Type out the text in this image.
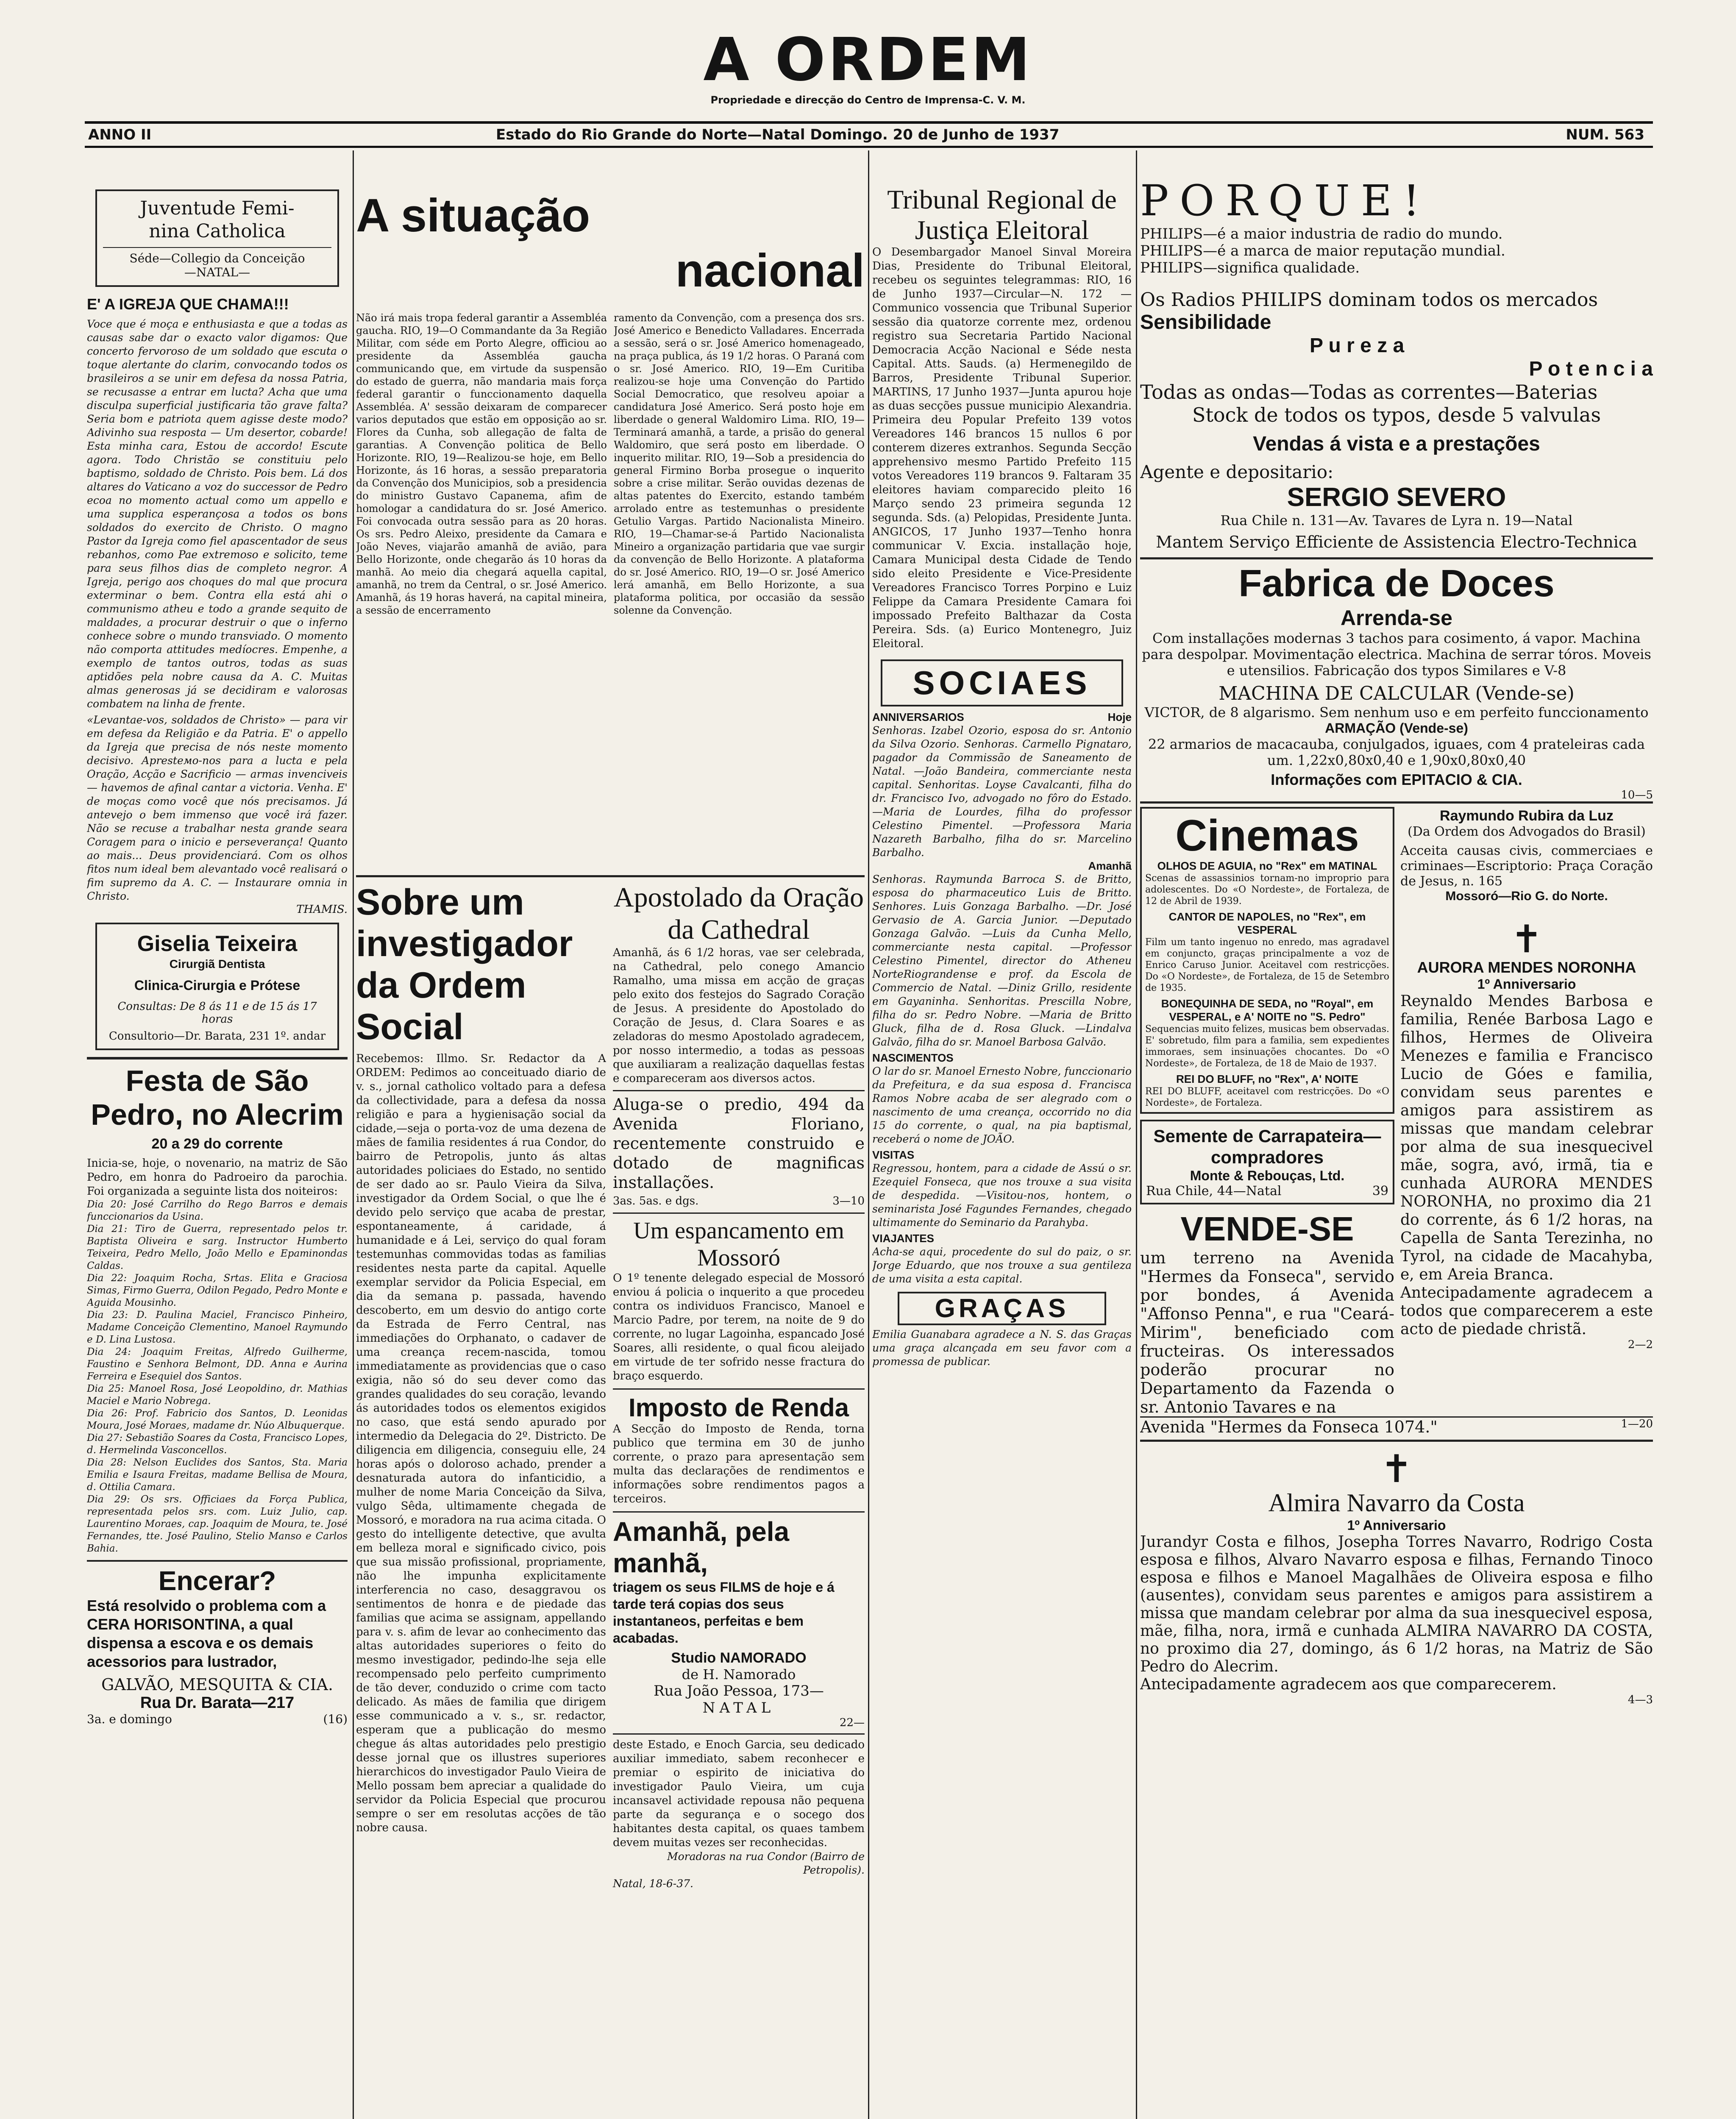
A ORDEM
Propriedade e direcção do Centro de Imprensa-C. V. M.
ANNO II	Estado do Rio Grande do Norte—Natal Domingo. 20 de Junho de 1937	NUM. 563
Juventude Femi-
nina Catholica
Séde—Collegio da Conceição
—NATAL—
E' A IGREJA QUE CHAMA!!!

Voce que é moça e enthusiasta e que a todas as causas sabe dar o exacto valor digamos: Que concerto fervoroso de um soldado que escuta o toque alertante do clarim, convocando todos os brasileiros a se unir em defesa da nossa Patria, se recusasse a entrar em lucta? Acha que uma disculpa superficial justificaria tão grave falta? Seria bom e patriota quem agisse deste modo? Adivinho sua resposta — Um desertor, cobarde! Esta minha cara, Estou de accordo! Escute agora. Todo Christão se constituiu pelo baptismo, soldado de Christo. Pois bem. Lá dos altares do Vaticano a voz do successor de Pedro ecoa no momento actual como um appello e uma supplica esperançosa a todos os bons soldados do exercito de Christo. O magno Pastor da Igreja como fiel apascentador de seus rebanhos, como Pae extremoso e solicito, teme para seus filhos dias de completo negror. A Igreja, perigo aos choques do mal que procura exterminar o bem. Contra ella está ahi o communismo atheu e todo a grande sequito de maldades, a procurar destruir o que o inferno conhece sobre o mundo transviado. O momento não comporta attitudes medíocres. Empenhe, a exemplo de tantos outros, todas as suas aptidões pela nobre causa da A. C. Muitas almas generosas já se decidiram e valorosas combatem na linha de frente.

«Levantae-vos, soldados de Christo» — para vir em defesa da Religião e da Patria. E' o appello da Igreja que precisa de nós neste momento decisivo. Apresteмо-nos para a lucta e pela Oração, Acção e Sacrificio — armas invenciveis — havemos de afinal cantar a victoria. Venha. E' de moças como você que nós precisamos. Já antevejo o bem immenso que você irá fazer. Não se recuse a trabalhar nesta grande seara Coragem para o inicio e perseverança! Quanto ao mais... Deus providenciará. Com os olhos fitos num ideal bem alevantado você realisará o fim supremo da A. C. — Instaurare omnia in Christo.

THAMIS.
Giselia Teixeira
Cirurgiã Dentista
Clinica-Cirurgia e Prótese
Consultas: De 8 ás 11 e de 15 ás 17 horas
Consultorio—Dr. Barata, 231 1º. andar
Festa de São Pedro, no Alecrim
20 a 29 do corrente

Inicia-se, hoje, o novenario, na matriz de São Pedro, em honra do Padroeiro da parochia. Foi organizada a seguinte lista dos noiteiros:

Dia 20: José Carrilho do Rego Barros e demais funccionarios da Usina.

Dia 21: Tiro de Guerra, representado pelos tr. Baptista Oliveira e sarg. Instructor Humberto Teixeira, Pedro Mello, João Mello e Epaminondas Caldas.

Dia 22: Joaquim Rocha, Srtas. Elita e Graciosa Simas, Firmo Guerra, Odilon Pegado, Pedro Monte e Aguida Mousinho.

Dia 23: D. Paulina Maciel, Francisco Pinheiro, Madame Conceição Clementino, Manoel Raymundo e D. Lina Lustosa.

Dia 24: Joaquim Freitas, Alfredo Guilherme, Faustino e Senhora Belmont, DD. Anna e Aurina Ferreira e Esequiel dos Santos.

Dia 25: Manoel Rosa, José Leopoldino, dr. Mathias Maciel e Mario Nobrega.

Dia 26: Prof. Fabricio dos Santos, D. Leonidas Moura, José Moraes, madame dr. Núo Albuquerque.

Dia 27: Sebastião Soares da Costa, Francisco Lopes, d. Hermelinda Vasconcellos.

Dia 28: Nelson Euclides dos Santos, Sta. Maria Emilia e Isaura Freitas, madame Bellisa de Moura, d. Ottilia Camara.

Dia 29: Os srs. Officiaes da Força Publica, representada pelos srs. com. Luiz Julio, cap. Laurentino Moraes, cap. Joaquim de Moura, te. José Fernandes, tte. José Paulino, Stelio Manso e Carlos Bahia.

Encerar?

Está resolvido o problema com a CERA HORISONTINA, a qual dispensa a escova e os demais acessorios para lustrador,

GALVÃO, MESQUITA & CIA.
Rua Dr. Barata—217
3a. e domingo	(16)
A situação
nacional

Não irá mais tropa federal garantir a Assembléa gaucha. RIO, 19—O Commandante da 3a Região Militar, com séde em Porto Alegre, officiou ao presidente da Assembléa gaucha communicando que, em virtude da suspensão do estado de guerra, não mandaria mais força federal garantir o funccionamento daquella Assembléa. A' sessão deixaram de comparecer varios deputados que estão em opposição ao sr. Flores da Cunha, sob allegação de falta de garantias. A Convenção politica de Bello Horizonte. RIO, 19—Realizou-se hoje, em Bello Horizonte, ás 16 horas, a sessão preparatoria da Convenção dos Municipios, sob a presidencia do ministro Gustavo Capanema, afim de homologar a candidatura do sr. José Americo. Foi convocada outra sessão para as 20 horas. Os srs. Pedro Aleixo, presidente da Camara e João Neves, viajarão amanhã de avião, para Bello Horizonte, onde chegarão ás 10 horas da manhã. Ao meio dia chegará aquella capital, amanhã, no trem da Central, o sr. José Americo. Amanhã, ás 19 horas haverá, na capital mineira, a sessão de encerramento

ramento da Convenção, com a presença dos srs. José Americo e Benedicto Valladares. Encerrada a sessão, será o sr. José Americo homenageado, na praça publica, ás 19 1/2 horas. O Paraná com o sr. José Americo. RIO, 19—Em Curitiba realizou-se hoje uma Convenção do Partido Social Democratico, que resolveu apoiar a candidatura José Americo. Será posto hoje em liberdade o general Waldomiro Lima. RIO, 19—Terminará amanhã, a tarde, a prisão do general Waldomiro, que será posto em liberdade. O inquerito militar. RIO, 19—Sob a presidencia do general Firmino Borba prosegue o inquerito sobre a crise militar. Serão ouvidas dezenas de altas patentes do Exercito, estando também arrolado entre as testemunhas o presidente Getulio Vargas. Partido Nacionalista Mineiro. RIO, 19—Chamar-se-á Partido Nacionalista Mineiro a organização partidaria que vae surgir da convenção de Bello Horizonte. A plataforma do sr. José Americo. RIO, 19—O sr. José Americo lerá amanhã, em Bello Horizonte, a sua plataforma politica, por occasião da sessão solenne da Convenção.

Sobre um investigador da Ordem Social

Recebemos: Illmo. Sr. Redactor da A ORDEM: Pedimos ao conceituado diario de v. s., jornal catholico voltado para a defesa da collectividade, para a defesa da nossa religião e para a hygienisação social da cidade,—seja o porta-voz de uma dezena de mães de familia residentes á rua Condor, do bairro de Petropolis, junto ás altas autoridades policiaes do Estado, no sentido de ser dado ao sr. Paulo Vieira da Silva, investigador da Ordem Social, o que lhe é devido pelo serviço que acaba de prestar, espontaneamente, á caridade, á humanidade e á Lei, serviço do qual foram testemunhas commovidas todas as familias residentes nesta parte da capital. Aquelle exemplar servidor da Policia Especial, em dia da semana p. passada, havendo descoberto, em um desvio do antigo corte da Estrada de Ferro Central, nas immediações do Orphanato, o cadaver de uma creança recem-nascida, tomou immediatamente as providencias que o caso exigia, não só do seu dever como das grandes qualidades do seu coração, levando ás autoridades todos os elementos exigidos no caso, que está sendo apurado por intermedio da Delegacia do 2º. Districto. De diligencia em diligencia, conseguiu elle, 24 horas após o doloroso achado, prender a desnaturada autora do infanticidio, a mulher de nome Maria Conceição da Silva, vulgo Sêda, ultimamente chegada de Mossoró, e moradora na rua acima citada. O gesto do intelligente detective, que avulta em belleza moral e significado civico, pois que sua missão profissional, propriamente, não lhe impunha explicitamente interferencia no caso, desaggravou os sentimentos de honra e de piedade das familias que acima se assignam, appellando para v. s. afim de levar ao conhecimento das altas autoridades superiores o feito do mesmo investigador, pedindo-lhe seja elle recompensado pelo perfeito cumprimento de tão dever, conduzido o crime com tacto delicado. As mães de familia que dirigem esse communicado a v. s., sr. redactor, esperam que a publicação do mesmo chegue ás altas autoridades pelo prestigio desse jornal que os illustres superiores hierarchicos do investigador Paulo Vieira de Mello possam bem apreciar a qualidade do servidor da Policia Especial que procurou sempre o ser em resolutas acções de tão nobre causa.

Apostolado da Oração da Cathedral

Amanhã, ás 6 1/2 horas, vae ser celebrada, na Cathedral, pelo conego Amancio Ramalho, uma missa em acção de graças pelo exito dos festejos do Sagrado Coração de Jesus. A presidente do Apostolado do Coração de Jesus, d. Clara Soares e as zeladoras do mesmo Apostolado agradecem, por nosso intermedio, a todas as pessoas que auxiliaram a realização daquellas festas e compareceram aos diversos actos.

Aluga-se o predio, 494 da Avenida Floriano, recentemente construido e dotado de magnificas installações.

3as. 5as. e dgs.	3—10
Um espancamento em Mossoró

O 1º tenente delegado especial de Mossoró enviou á policia o inquerito a que procedeu contra os individuos Francisco, Manoel e Marcio Padre, por terem, na noite de 9 do corrente, no lugar Lagoinha, espancado José Soares, alli residente, o qual ficou aleijado em virtude de ter sofrido nesse fractura do braço esquerdo.

Imposto de Renda

A Secção do Imposto de Renda, torna publico que termina em 30 de junho corrente, o prazo para apresentação sem multa das declarações de rendimentos e informações sobre rendimentos pagos a terceiros.

Amanhã, pela manhã,

triagem os seus FILMS de hoje e á tarde terá copias dos seus instantaneos, perfeitas e bem acabadas.

Studio NAMORADO
de H. Namorado
Rua João Pessoa, 173—
NATAL
22—

deste Estado, e Enoch Garcia, seu dedicado auxiliar immediato, sabem reconhecer e premiar o espirito de iniciativa do investigador Paulo Vieira, um cuja incansavel actividade repousa não pequena parte da segurança e o socego dos habitantes desta capital, os quaes tambem devem muitas vezes ser reconhecidas.

Moradoras na rua Condor (Bairro de Petropolis).
Natal, 18-6-37.
Tribunal Regional de Justiça Eleitoral

O Desembargador Manoel Sinval Moreira Dias, Presidente do Tribunal Eleitoral, recebeu os seguintes telegrammas: RIO, 16 de Junho 1937—Circular—N. 172 — Communico vossencia que Tribunal Superior sessão dia quatorze corrente mez, ordenou registro sua Secretaria Partido Nacional Democracia Acção Nacional e Séde nesta Capital. Atts. Sauds. (a) Hermenegildo de Barros, Presidente Tribunal Superior. MARTINS, 17 Junho 1937—Junta apurou hoje as duas secções pussue municipio Alexandria. Primeira deu Popular Prefeito 139 votos Vereadores 146 brancos 15 nullos 6 por conterem dizeres extranhos. Segunda Secção apprehensivo mesmo Partido Prefeito 115 votos Vereadores 119 brancos 9. Faltaram 35 eleitores haviam comparecido pleito 16 Março sendo 23 primeira segunda 12 segunda. Sds. (a) Pelopidas, Presidente Junta. ANGICOS, 17 Junho 1937—Tenho honra communicar V. Excia. installação hoje, Camara Municipal desta Cidade de Tendo sido eleito Presidente e Vice-Presidente Vereadores Francisco Torres Porpino e Luiz Felippe da Camara Presidente Camara foi impossado Prefeito Balthazar da Costa Pereira. Sds. (a) Eurico Montenegro, Juiz Eleitoral.

SOCIAES
ANNIVERSARIOS	Hoje

Senhoras. Izabel Ozorio, esposa do sr. Antonio da Silva Ozorio. Senhoras. Carmello Pignataro, pagador da Commissão de Saneamento de Natal. —João Bandeira, commerciante nesta capital. Senhoritas. Loyse Cavalcanti, filha do dr. Francisco Ivo, advogado no fôro do Estado. —Maria de Lourdes, filha do professor Celestino Pimentel. —Professora Maria Nazareth Barbalho, filha do sr. Marcelino Barbalho.

Amanhã

Senhoras. Raymunda Barroca S. de Britto, esposa do pharmaceutico Luis de Britto. Senhores. Luis Gonzaga Barbalho. —Dr. José Gervasio de A. Garcia Junior. —Deputado Gonzaga Galvão. —Luis da Cunha Mello, commerciante nesta capital. —Professor Celestino Pimentel, director do Atheneu NorteRiograndense e prof. da Escola de Commercio de Natal. —Diniz Grillo, residente em Gayaninha. Senhoritas. Prescilla Nobre, filha do sr. Pedro Nobre. —Maria de Britto Gluck, filha de d. Rosa Gluck. —Lindalva Galvão, filha do sr. Manoel Barbosa Galvão.

NASCIMENTOS

O lar do sr. Manoel Ernesto Nobre, funccionario da Prefeitura, e da sua esposa d. Francisca Ramos Nobre acaba de ser alegrado com o nascimento de uma creança, occorrido no dia 15 do corrente, o qual, na pia baptismal, receberá o nome de JOÃO.

VISITAS

Regressou, hontem, para a cidade de Assú o sr. Ezequiel Fonseca, que nos trouxe a sua visita de despedida. —Visitou-nos, hontem, o seminarista José Fagundes Fernandes, chegado ultimamente do Seminario da Parahyba.

VIAJANTES

Acha-se aqui, procedente do sul do paiz, o sr. Jorge Eduardo, que nos trouxe a sua gentileza de uma visita a esta capital.

GRAÇAS

Emilia Guanabara agradece a N. S. das Graças uma graça alcançada em seu favor com a promessa de publicar.

PORQUE!
PHILIPS—é a maior industria de radio do mundo.
PHILIPS—é a marca de maior reputação mundial.
PHILIPS—significa qualidade.
Os Radios PHILIPS dominam todos os mercados
Sensibilidade
P u r e z a
P o t e n c i a
Todas as ondas—Todas as correntes—Baterias
Stock de todos os typos, desde 5 valvulas
Vendas á vista e a prestações
Agente e depositario:
SERGIO SEVERO
Rua Chile n. 131—Av. Tavares de Lyra n. 19—Natal
Mantem Serviço Efficiente de Assistencia Electro-Technica
Fabrica de Doces
Arrenda-se

Com installações modernas 3 tachos para cosimento, á vapor. Machina para despolpar. Movimentação electrica. Machina de serrar tóros. Moveis e utensilios. Fabricação dos typos Similares e V-8

MACHINA DE CALCULAR (Vende-se)

VICTOR, de 8 algarismo. Sem nenhum uso e em perfeito funccionamento

ARMAÇÃO (Vende-se)

22 armarios de macacauba, conjulgados, iguaes, com 4 prateleiras cada um. 1,22x0,80x0,40 e 1,90x0,80x0,40

Informações com EPITACIO & CIA.
10—5
Cinemas
OLHOS DE AGUIA, no "Rex" em MATINAL

Scenas de assassinios tornam-no improprio para adolescentes. Do «O Nordeste», de Fortaleza, de 12 de Abril de 1939.

CANTOR DE NAPOLES, no "Rex", em VESPERAL

Film um tanto ingenuo no enredo, mas agradavel em conjuncto, graças principalmente a voz de Enrico Caruso Junior. Aceitavel com restricções. Do «O Nordeste», de Fortaleza, de 15 de Setembro de 1935.

BONEQUINHA DE SEDA, no "Royal", em VESPERAL, e A' NOITE no "S. Pedro"

Sequencias muito felizes, musicas bem observadas. E' sobretudo, film para a familia, sem expedientes immoraes, sem insinuações chocantes. Do «O Nordeste», de Fortaleza, de 18 de Maio de 1937.

REI DO BLUFF, no "Rex", A' NOITE

REI DO BLUFF, aceitavel com restricções. Do «O Nordeste», de Fortaleza.

Semente de Carrapateira—compradores
Monte & Rebouças, Ltd.
Rua Chile, 44—Natal	39
VENDE-SE

um terreno na Avenida "Hermes da Fonseca", servido por bondes, á Avenida "Affonso Penna", e rua "Ceará-Mirim", beneficiado com fructeiras. Os interessados poderão procurar no Departamento da Fazenda o sr. Antonio Tavares e na

Raymundo Rubira da Luz
(Da Ordem dos Advogados do Brasil)

Acceita causas civis, commerciaes e criminaes—Escriptorio: Praça Coração de Jesus, n. 165

Mossoró—Rio G. do Norte.
✝
AURORA MENDES NORONHA
1º Anniversario

Reynaldo Mendes Barbosa e familia, Renée Barbosa Lago e filhos, Hermes de Oliveira Menezes e familia e Francisco Lucio de Góes e familia, convidam seus parentes e amigos para assistirem as missas que mandam celebrar por alma de sua inesquecivel mãe, sogra, avó, irmã, tia e cunhada AURORA MENDES NORONHA, no proximo dia 21 do corrente, ás 6 1/2 horas, na Capella de Santa Terezinha, no Tyrol, na cidade de Macahyba, e, em Areia Branca.

Antecipadamente agradecem a todos que comparecerem a este acto de piedade christã.

2—2
Avenida "Hermes da Fonseca 1074."	1—20
✝
Almira Navarro da Costa
1º Anniversario

Jurandyr Costa e filhos, Josepha Torres Navarro, Rodrigo Costa esposa e filhos, Alvaro Navarro esposa e filhas, Fernando Tinoco esposa e filhos e Manoel Magalhães de Oliveira esposa e filho (ausentes), convidam seus parentes e amigos para assistirem a missa que mandam celebrar por alma da sua inesquecivel esposa, mãe, filha, nora, irmã e cunhada ALMIRA NAVARRO DA COSTA, no proximo dia 27, domingo, ás 6 1/2 horas, na Matriz de São Pedro do Alecrim.

Antecipadamente agradecem aos que comparecerem.

4—3
